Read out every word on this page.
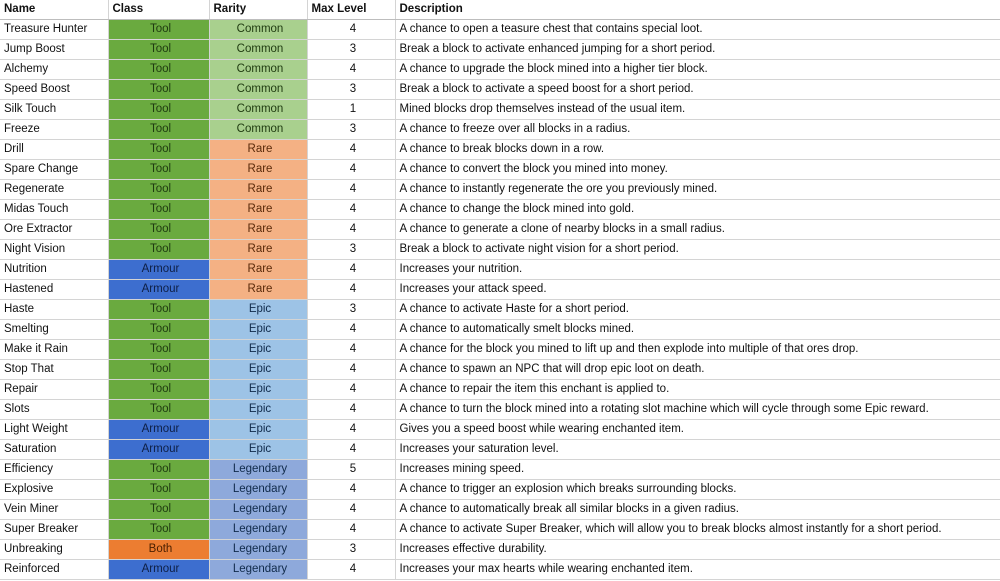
Name	Class	Rarity	Max Level	Description
Treasure Hunter	Tool	Common	4	A chance to open a teasure chest that contains special loot.
Jump Boost	Tool	Common	3	Break a block to activate enhanced jumping for a short period.
Alchemy	Tool	Common	4	A chance to upgrade the block mined into a higher tier block.
Speed Boost	Tool	Common	3	Break a block to activate a speed boost for a short period.
Silk Touch	Tool	Common	1	Mined blocks drop themselves instead of the usual item.
Freeze	Tool	Common	3	A chance to freeze over all blocks in a radius.
Drill	Tool	Rare	4	A chance to break blocks down in a row.
Spare Change	Tool	Rare	4	A chance to convert the block you mined into money.
Regenerate	Tool	Rare	4	A chance to instantly regenerate the ore you previously mined.
Midas Touch	Tool	Rare	4	A chance to change the block mined into gold.
Ore Extractor	Tool	Rare	4	A chance to generate a clone of nearby blocks in a small radius.
Night Vision	Tool	Rare	3	Break a block to activate night vision for a short period.
Nutrition	Armour	Rare	4	Increases your nutrition.
Hastened	Armour	Rare	4	Increases your attack speed.
Haste	Tool	Epic	3	A chance to activate Haste for a short period.
Smelting	Tool	Epic	4	A chance to automatically smelt blocks mined.
Make it Rain	Tool	Epic	4	A chance for the block you mined to lift up and then explode into multiple of that ores drop.
Stop That	Tool	Epic	4	A chance to spawn an NPC that will drop epic loot on death.
Repair	Tool	Epic	4	A chance to repair the item this enchant is applied to.
Slots	Tool	Epic	4	A chance to turn the block mined into a rotating slot machine which will cycle through some Epic reward.
Light Weight	Armour	Epic	4	Gives you a speed boost while wearing enchanted item.
Saturation	Armour	Epic	4	Increases your saturation level.
Efficiency	Tool	Legendary	5	Increases mining speed.
Explosive	Tool	Legendary	4	A chance to trigger an explosion which breaks surrounding blocks.
Vein Miner	Tool	Legendary	4	A chance to automatically break all similar blocks in a given radius.
Super Breaker	Tool	Legendary	4	A chance to activate Super Breaker, which will allow you to break blocks almost instantly for a short period.
Unbreaking	Both	Legendary	3	Increases effective durability.
Reinforced	Armour	Legendary	4	Increases your max hearts while wearing enchanted item.
